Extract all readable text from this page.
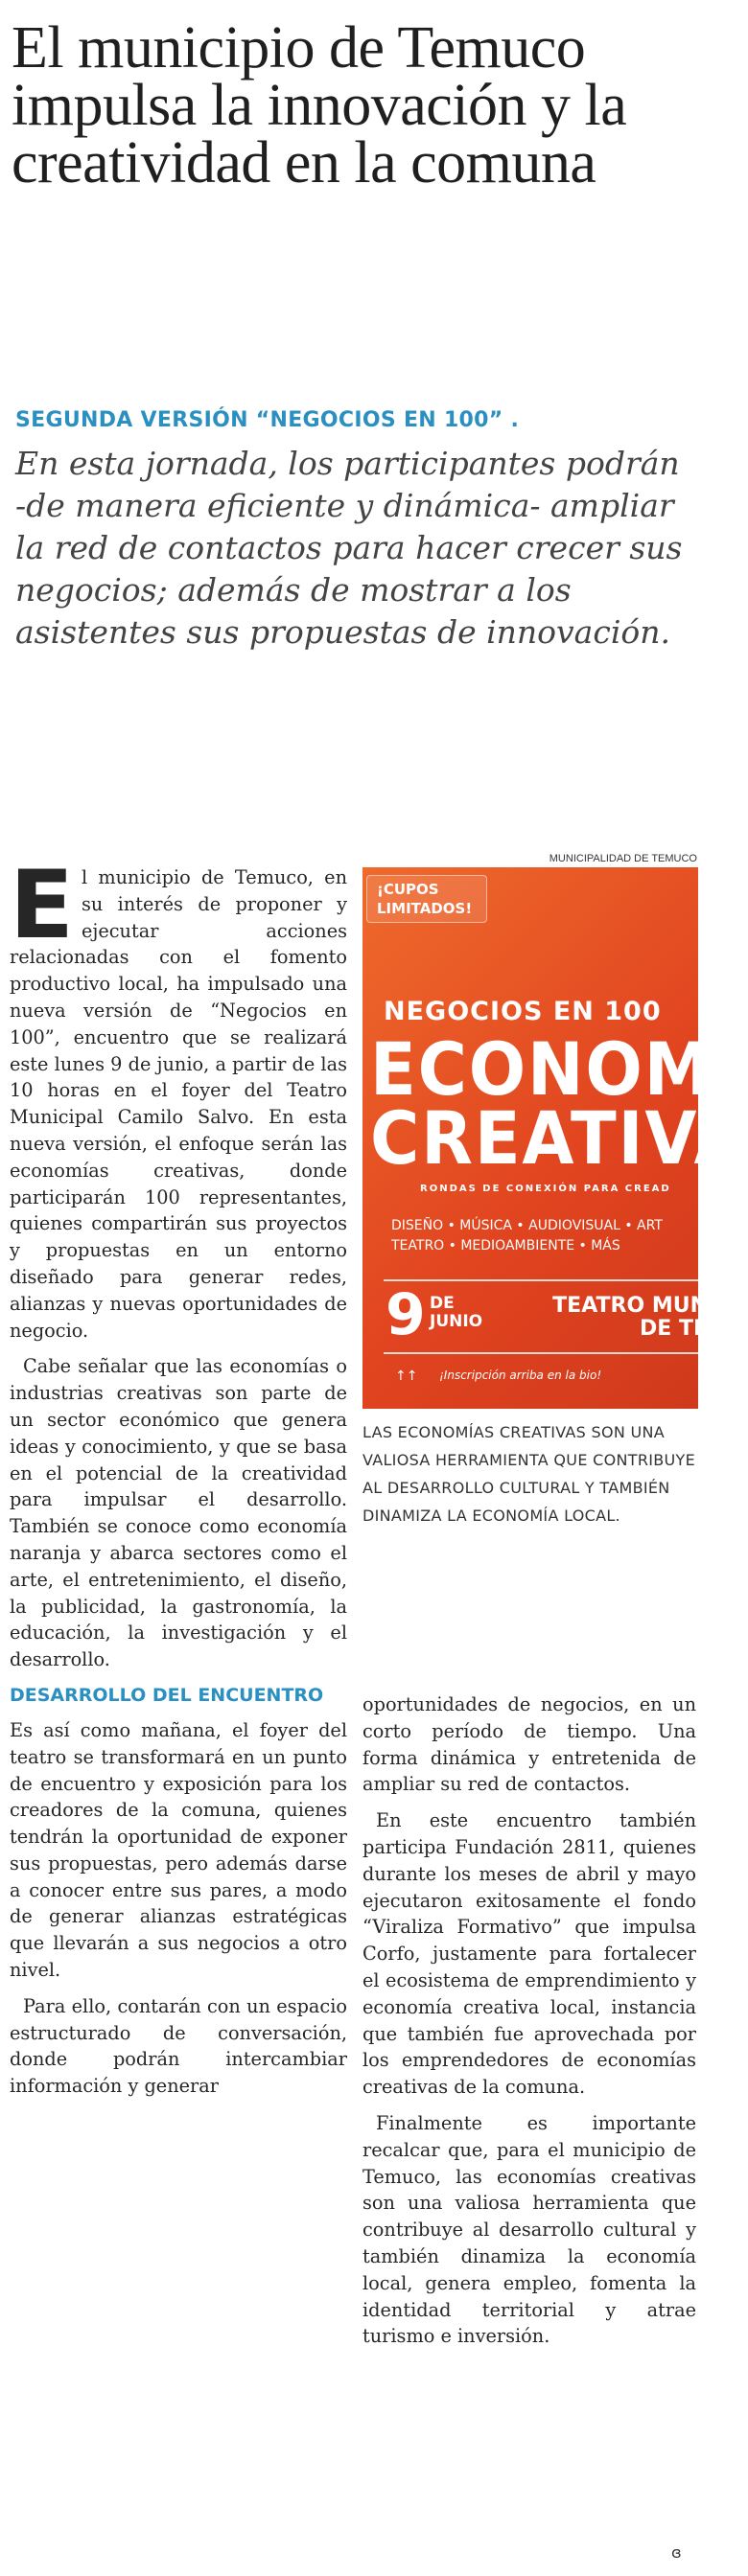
El municipio de Temuco impulsa la innovación y la creatividad en la comuna
SEGUNDA VERSIÓN “NEGOCIOS EN 100” .
En esta jornada, los participantes podrán -de manera eficiente y dinámica- ampliar la red de contactos para hacer crecer sus negocios; además de mostrar a los asistentes sus propuestas de innovación.
MUNICIPALIDAD DE TEMUCO
¡CUPOS LIMITADOS!
NEGOCIOS EN 100
ECONOMÍ
CREATIVA
RONDAS DE CONEXIÓN PARA CREAD
DISEÑO • MÚSICA • AUDIOVISUAL • ART
TEATRO • MEDIOAMBIENTE • MÁS
9 DE JUNIO
TEATRO MUN
DE TE
↑↑ ¡Inscripción arriba en la bio!
LAS ECONOMÍAS CREATIVAS SON UNA VALIOSA HERRAMIENTA QUE CONTRIBUYE AL DESARROLLO CULTURAL Y TAMBIÉN DINAMIZA LA ECONOMÍA LOCAL.

El municipio de Temuco, en su interés de proponer y ejecutar acciones relacionadas con el fomento productivo local, ha impulsado una nueva versión de “Negocios en 100”, encuentro que se realizará este lunes 9 de junio, a partir de las 10 horas en el foyer del Teatro Municipal Camilo Salvo. En esta nueva versión, el enfoque serán las economías creativas, donde participarán 100 representantes, quienes compartirán sus proyectos y propuestas en un entorno diseñado para generar redes, alianzas y nuevas oportunidades de negocio.

Cabe señalar que las economías o industrias creativas son parte de un sector económico que genera ideas y conocimiento, y que se basa en el potencial de la creatividad para impulsar el desarrollo. También se conoce como economía naranja y abarca sectores como el arte, el entretenimiento, el diseño, la publicidad, la gastronomía, la educación, la investigación y el desarrollo.

DESARROLLO DEL ENCUENTRO

Es así como mañana, el foyer del teatro se transformará en un punto de encuentro y exposición para los creadores de la comuna, quienes tendrán la oportunidad de exponer sus propuestas, pero además darse a conocer entre sus pares, a modo de generar alianzas estratégicas que llevarán a sus negocios a otro nivel.

Para ello, contarán con un espacio estructurado de conversación, donde podrán intercambiar información y generar

oportunidades de negocios, en un corto período de tiempo. Una forma dinámica y entretenida de ampliar su red de contactos.

En este encuentro también participa Fundación 2811, quienes durante los meses de abril y mayo ejecutaron exitosamente el fondo “Viraliza Formativo” que impulsa Corfo, justamente para fortalecer el ecosistema de emprendimiento y economía creativa local, instancia que también fue aprovechada por los emprendedores de economías creativas de la comuna.

Finalmente es importante recalcar que, para el municipio de Temuco, las economías creativas son una valiosa herramienta que contribuye al desarrollo cultural y también dinamiza la economía local, genera empleo, fomenta la identidad territorial y atrae turismo e inversión.

ɞ
